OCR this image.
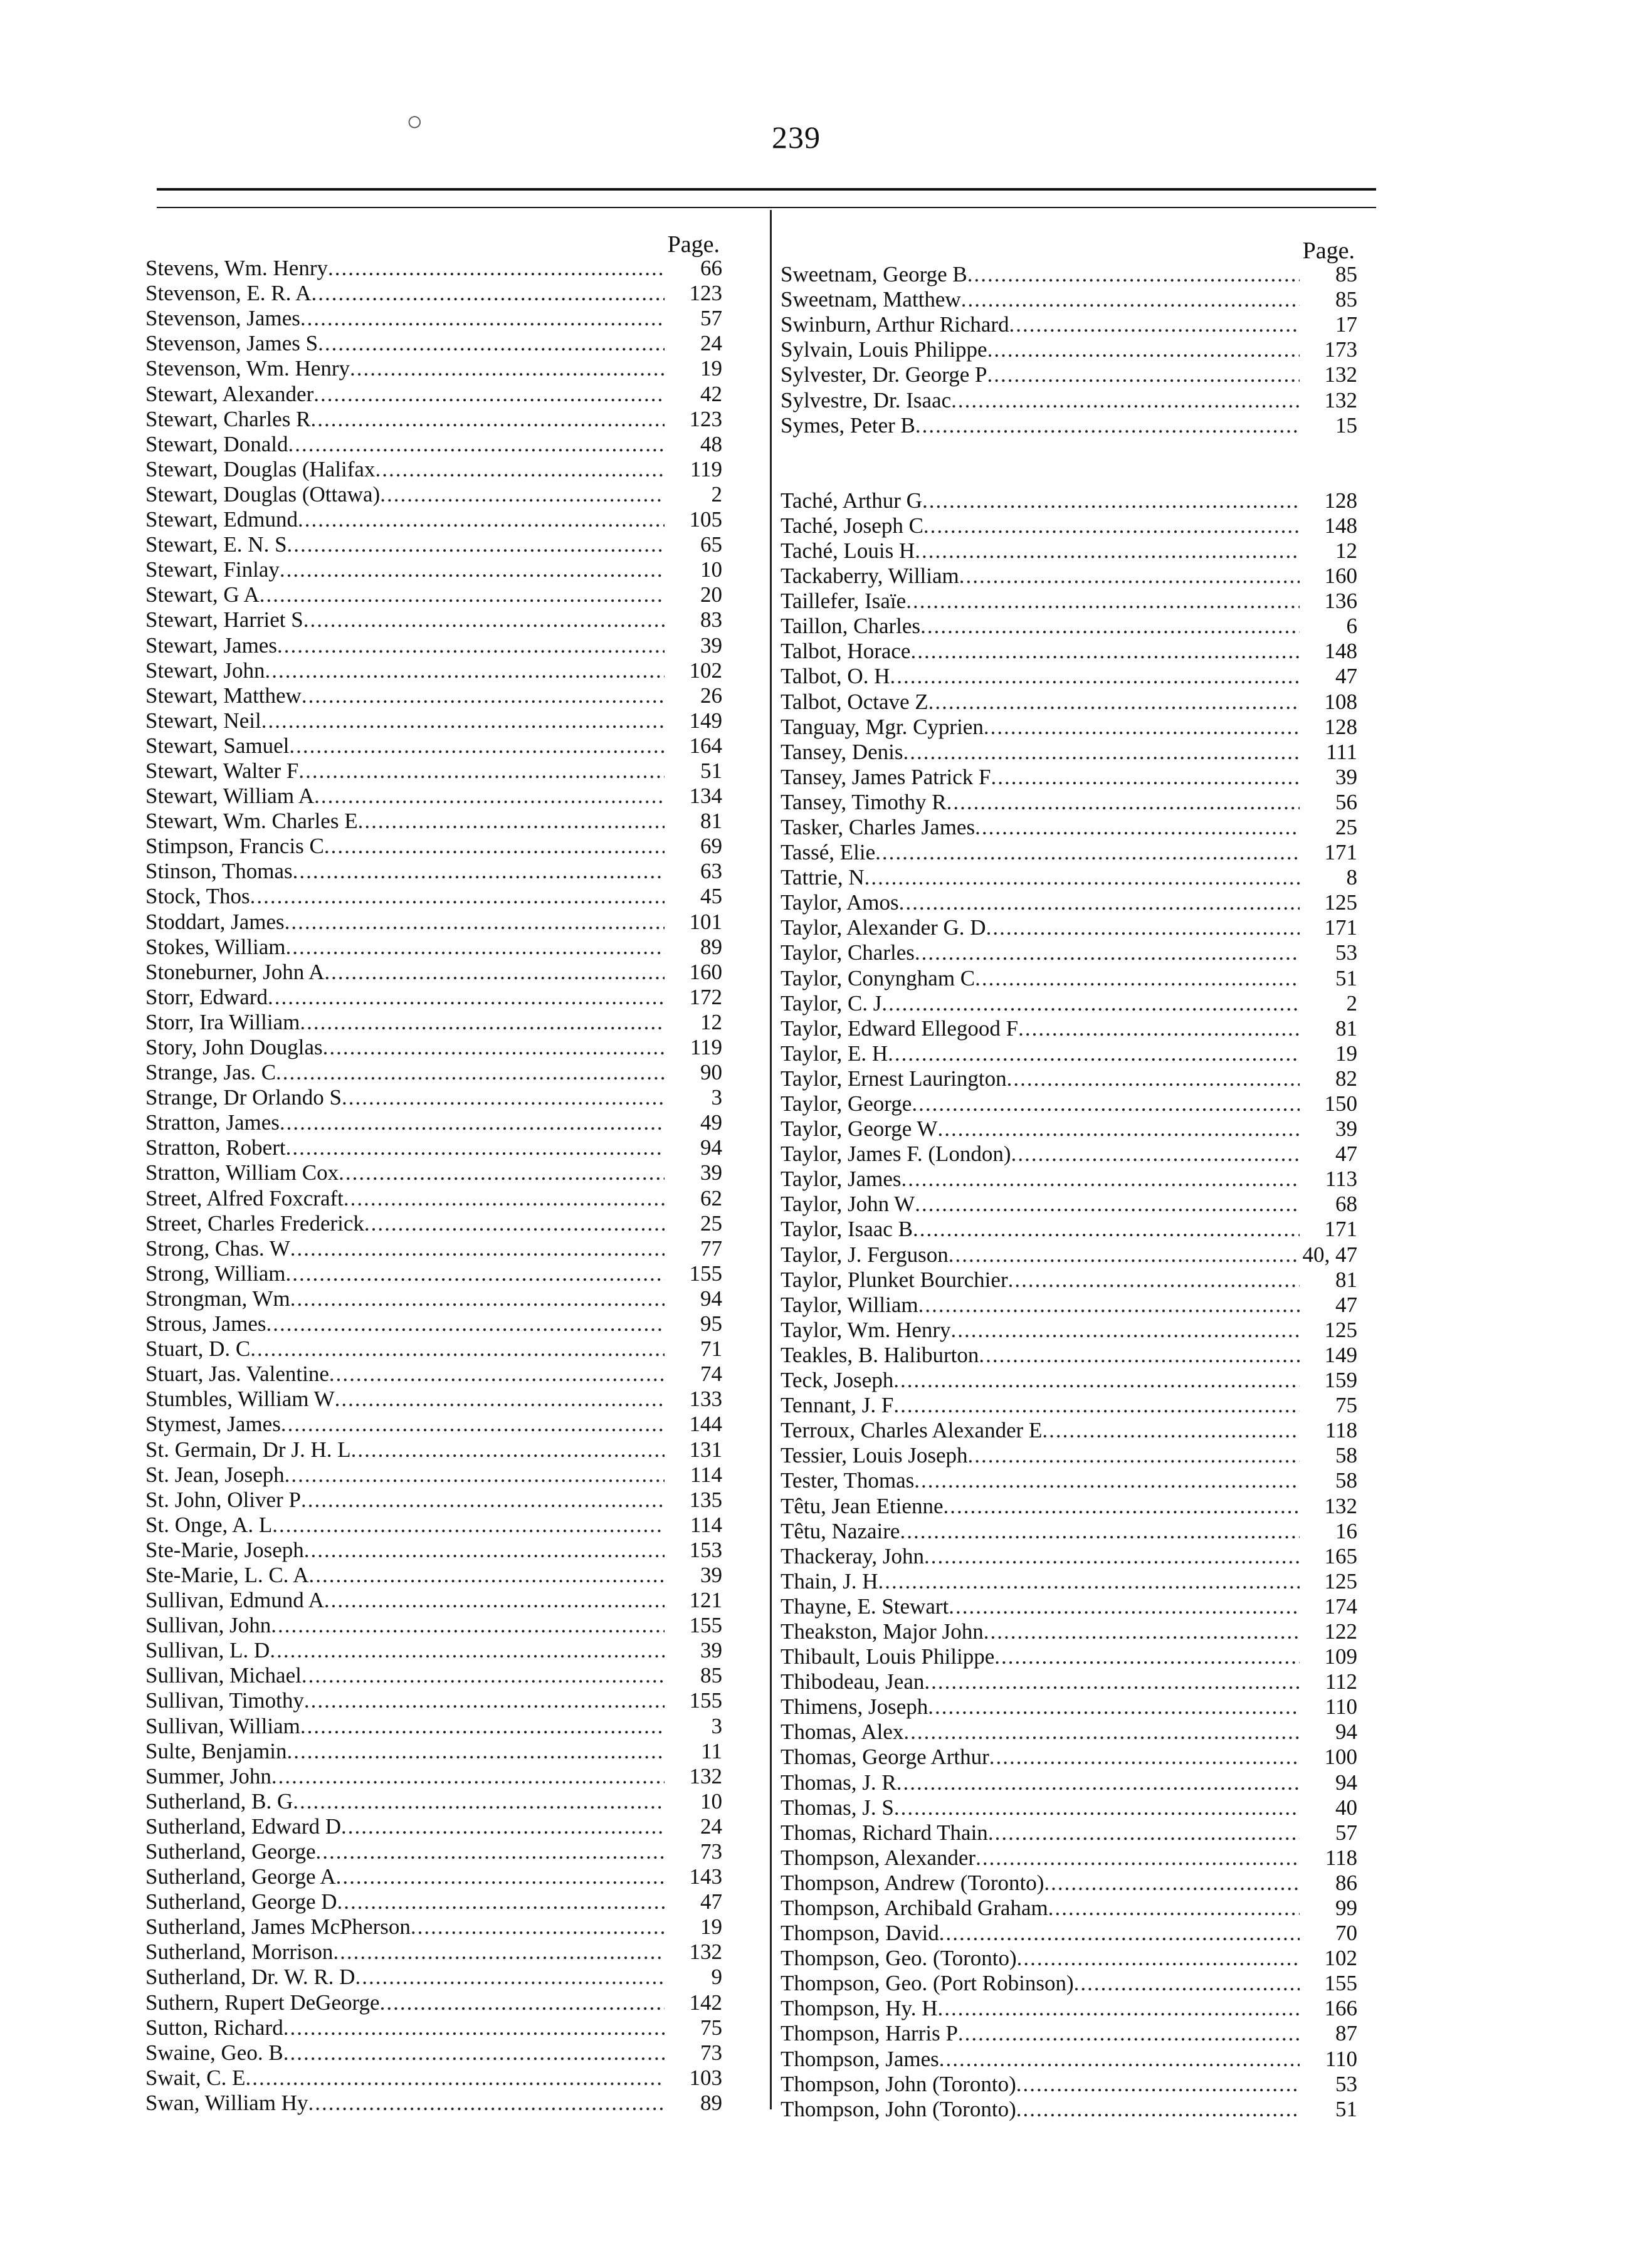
239
Page.
Stevens, Wm. Henry .....	66
Stevenson, E. R. A .....	123
Stevenson, James .....	57
Stevenson, James S .....	24
Stevenson, Wm. Henry .....	19
Stewart, Alexander .....	42
Stewart, Charles R .....	123
Stewart, Donald .....	48
Stewart, Douglas (Halifax .....	119
Stewart, Douglas (Ottawa) .....	2
Stewart, Edmund .....	105
Stewart, E. N. S .....	65
Stewart, Finlay .....	10
Stewart, G A .....	20
Stewart, Harriet S .....	83
Stewart, James .....	39
Stewart, John .....	102
Stewart, Matthew .....	26
Stewart, Neil .....	149
Stewart, Samuel .....	164
Stewart, Walter F .....	51
Stewart, William A .....	134
Stewart, Wm. Charles E .....	81
Stimpson, Francis C .....	69
Stinson, Thomas .....	63
Stock, Thos .....	45
Stoddart, James .....	101
Stokes, William .....	89
Stoneburner, John A .....	160
Storr, Edward .....	172
Storr, Ira William .....	12
Story, John Douglas .....	119
Strange, Jas. C .....	90
Strange, Dr Orlando S .....	3
Stratton, James .....	49
Stratton, Robert .....	94
Stratton, William Cox .....	39
Street, Alfred Foxcraft .....	62
Street, Charles Frederick .....	25
Strong, Chas. W .....	77
Strong, William .....	155
Strongman, Wm .....	94
Strous, James .....	95
Stuart, D. C .....	71
Stuart, Jas. Valentine .....	74
Stumbles, William W .....	133
Stymest, James .....	144
St. Germain, Dr J. H. L .....	131
St. Jean, Joseph .....	114
St. John, Oliver P .....	135
St. Onge, A. L .....	114
Ste-Marie, Joseph .....	153
Ste-Marie, L. C. A .....	39
Sullivan, Edmund A .....	121
Sullivan, John .....	155
Sullivan, L. D .....	39
Sullivan, Michael .....	85
Sullivan, Timothy .....	155
Sullivan, William .....	3
Sulte, Benjamin .....	11
Summer, John .....	132
Sutherland, B. G .....	10
Sutherland, Edward D .....	24
Sutherland, George .....	73
Sutherland, George A .....	143
Sutherland, George D .....	47
Sutherland, James McPherson .....	19
Sutherland, Morrison .....	132
Sutherland, Dr. W. R. D .....	9
Suthern, Rupert DeGeorge .....	142
Sutton, Richard .....	75
Swaine, Geo. B .....	73
Swait, C. E .....	103
Swan, William Hy .....	89
Page.
Sweetnam, George B .....	85
Sweetnam, Matthew .....	85
Swinburn, Arthur Richard .....	17
Sylvain, Louis Philippe .....	173
Sylvester, Dr. George P .....	132
Sylvestre, Dr. Isaac .....	132
Symes, Peter B .....	15
Taché, Arthur G .....	128
Taché, Joseph C .....	148
Taché, Louis H .....	12
Tackaberry, William .....	160
Taillefer, Isaïe .....	136
Taillon, Charles .....	6
Talbot, Horace .....	148
Talbot, O. H .....	47
Talbot, Octave Z .....	108
Tanguay, Mgr. Cyprien .....	128
Tansey, Denis .....	111
Tansey, James Patrick F .....	39
Tansey, Timothy R .....	56
Tasker, Charles James .....	25
Tassé, Elie .....	171
Tattrie, N .....	8
Taylor, Amos .....	125
Taylor, Alexander G. D .....	171
Taylor, Charles .....	53
Taylor, Conyngham C .....	51
Taylor, C. J .....	2
Taylor, Edward Ellegood F .....	81
Taylor, E. H .....	19
Taylor, Ernest Laurington .....	82
Taylor, George .....	150
Taylor, George W .....	39
Taylor, James F. (London) .....	47
Taylor, James .....	113
Taylor, John W .....	68
Taylor, Isaac B .....	171
Taylor, J. Ferguson .....	40, 47
Taylor, Plunket Bourchier .....	81
Taylor, William .....	47
Taylor, Wm. Henry .....	125
Teakles, B. Haliburton .....	149
Teck, Joseph .....	159
Tennant, J. F .....	75
Terroux, Charles Alexander E .....	118
Tessier, Louis Joseph .....	58
Tester, Thomas .....	58
Têtu, Jean Etienne .....	132
Têtu, Nazaire .....	16
Thackeray, John .....	165
Thain, J. H .....	125
Thayne, E. Stewart .....	174
Theakston, Major John .....	122
Thibault, Louis Philippe .....	109
Thibodeau, Jean .....	112
Thimens, Joseph .....	110
Thomas, Alex .....	94
Thomas, George Arthur .....	100
Thomas, J. R .....	94
Thomas, J. S .....	40
Thomas, Richard Thain .....	57
Thompson, Alexander .....	118
Thompson, Andrew (Toronto) .....	86
Thompson, Archibald Graham .....	99
Thompson, David .....	70
Thompson, Geo. (Toronto) .....	102
Thompson, Geo. (Port Robinson) .....	155
Thompson, Hy. H .....	166
Thompson, Harris P .....	87
Thompson, James .....	110
Thompson, John (Toronto) .....	53
Thompson, John (Toronto) .....	51
○
